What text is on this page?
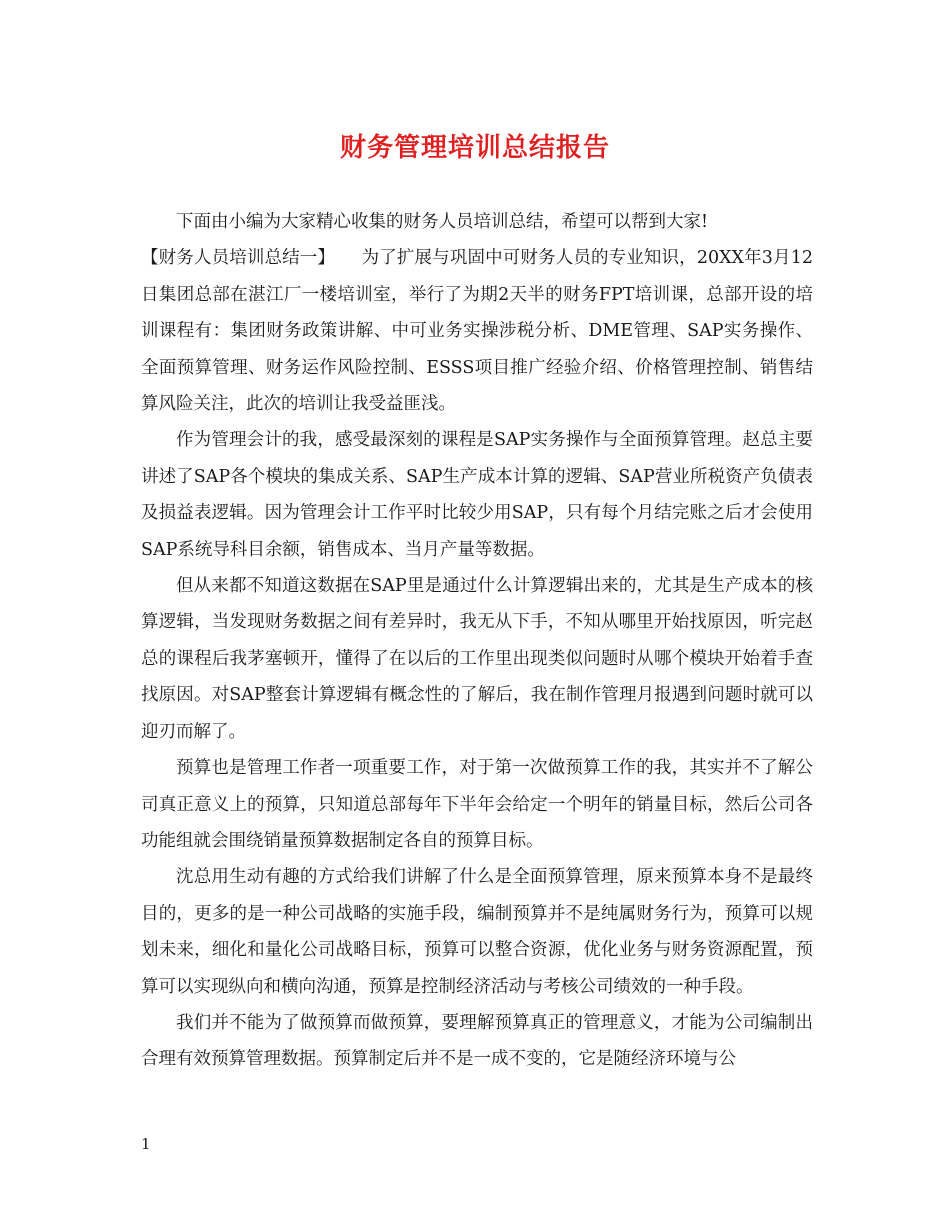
财务管理培训总结报告

下面由小编为大家精心收集的财务人员培训总结，希望可以帮到大家!

【财务人员培训总结一】　　为了扩展与巩固中可财务人员的专业知识，20XX年3月12日集团总部在湛江厂一楼培训室，举行了为期2天半的财务FPT培训课，总部开设的培训课程有：集团财务政策讲解、中可业务实操涉税分析、DME管理、SAP实务操作、全面预算管理、财务运作风险控制、ESSS项目推广经验介绍、价格管理控制、销售结算风险关注，此次的培训让我受益匪浅。

作为管理会计的我，感受最深刻的课程是SAP实务操作与全面预算管理。赵总主要讲述了SAP各个模块的集成关系、SAP生产成本计算的逻辑、SAP营业所税资产负债表及损益表逻辑。因为管理会计工作平时比较少用SAP，只有每个月结完账之后才会使用SAP系统导科目余额，销售成本、当月产量等数据。

但从来都不知道这数据在SAP里是通过什么计算逻辑出来的，尤其是生产成本的核算逻辑，当发现财务数据之间有差异时，我无从下手，不知从哪里开始找原因，听完赵总的课程后我茅塞顿开，懂得了在以后的工作里出现类似问题时从哪个模块开始着手查找原因。对SAP整套计算逻辑有概念性的了解后，我在制作管理月报遇到问题时就可以迎刃而解了。

预算也是管理工作者一项重要工作，对于第一次做预算工作的我，其实并不了解公司真正意义上的预算，只知道总部每年下半年会给定一个明年的销量目标，然后公司各功能组就会围绕销量预算数据制定各自的预算目标。

沈总用生动有趣的方式给我们讲解了什么是全面预算管理，原来预算本身不是最终目的，更多的是一种公司战略的实施手段，编制预算并不是纯属财务行为，预算可以规划未来，细化和量化公司战略目标，预算可以整合资源，优化业务与财务资源配置，预算可以实现纵向和横向沟通，预算是控制经济活动与考核公司绩效的一种手段。

我们并不能为了做预算而做预算，要理解预算真正的管理意义，才能为公司编制出合理有效预算管理数据。预算制定后并不是一成不变的，它是随经济环境与公

1
